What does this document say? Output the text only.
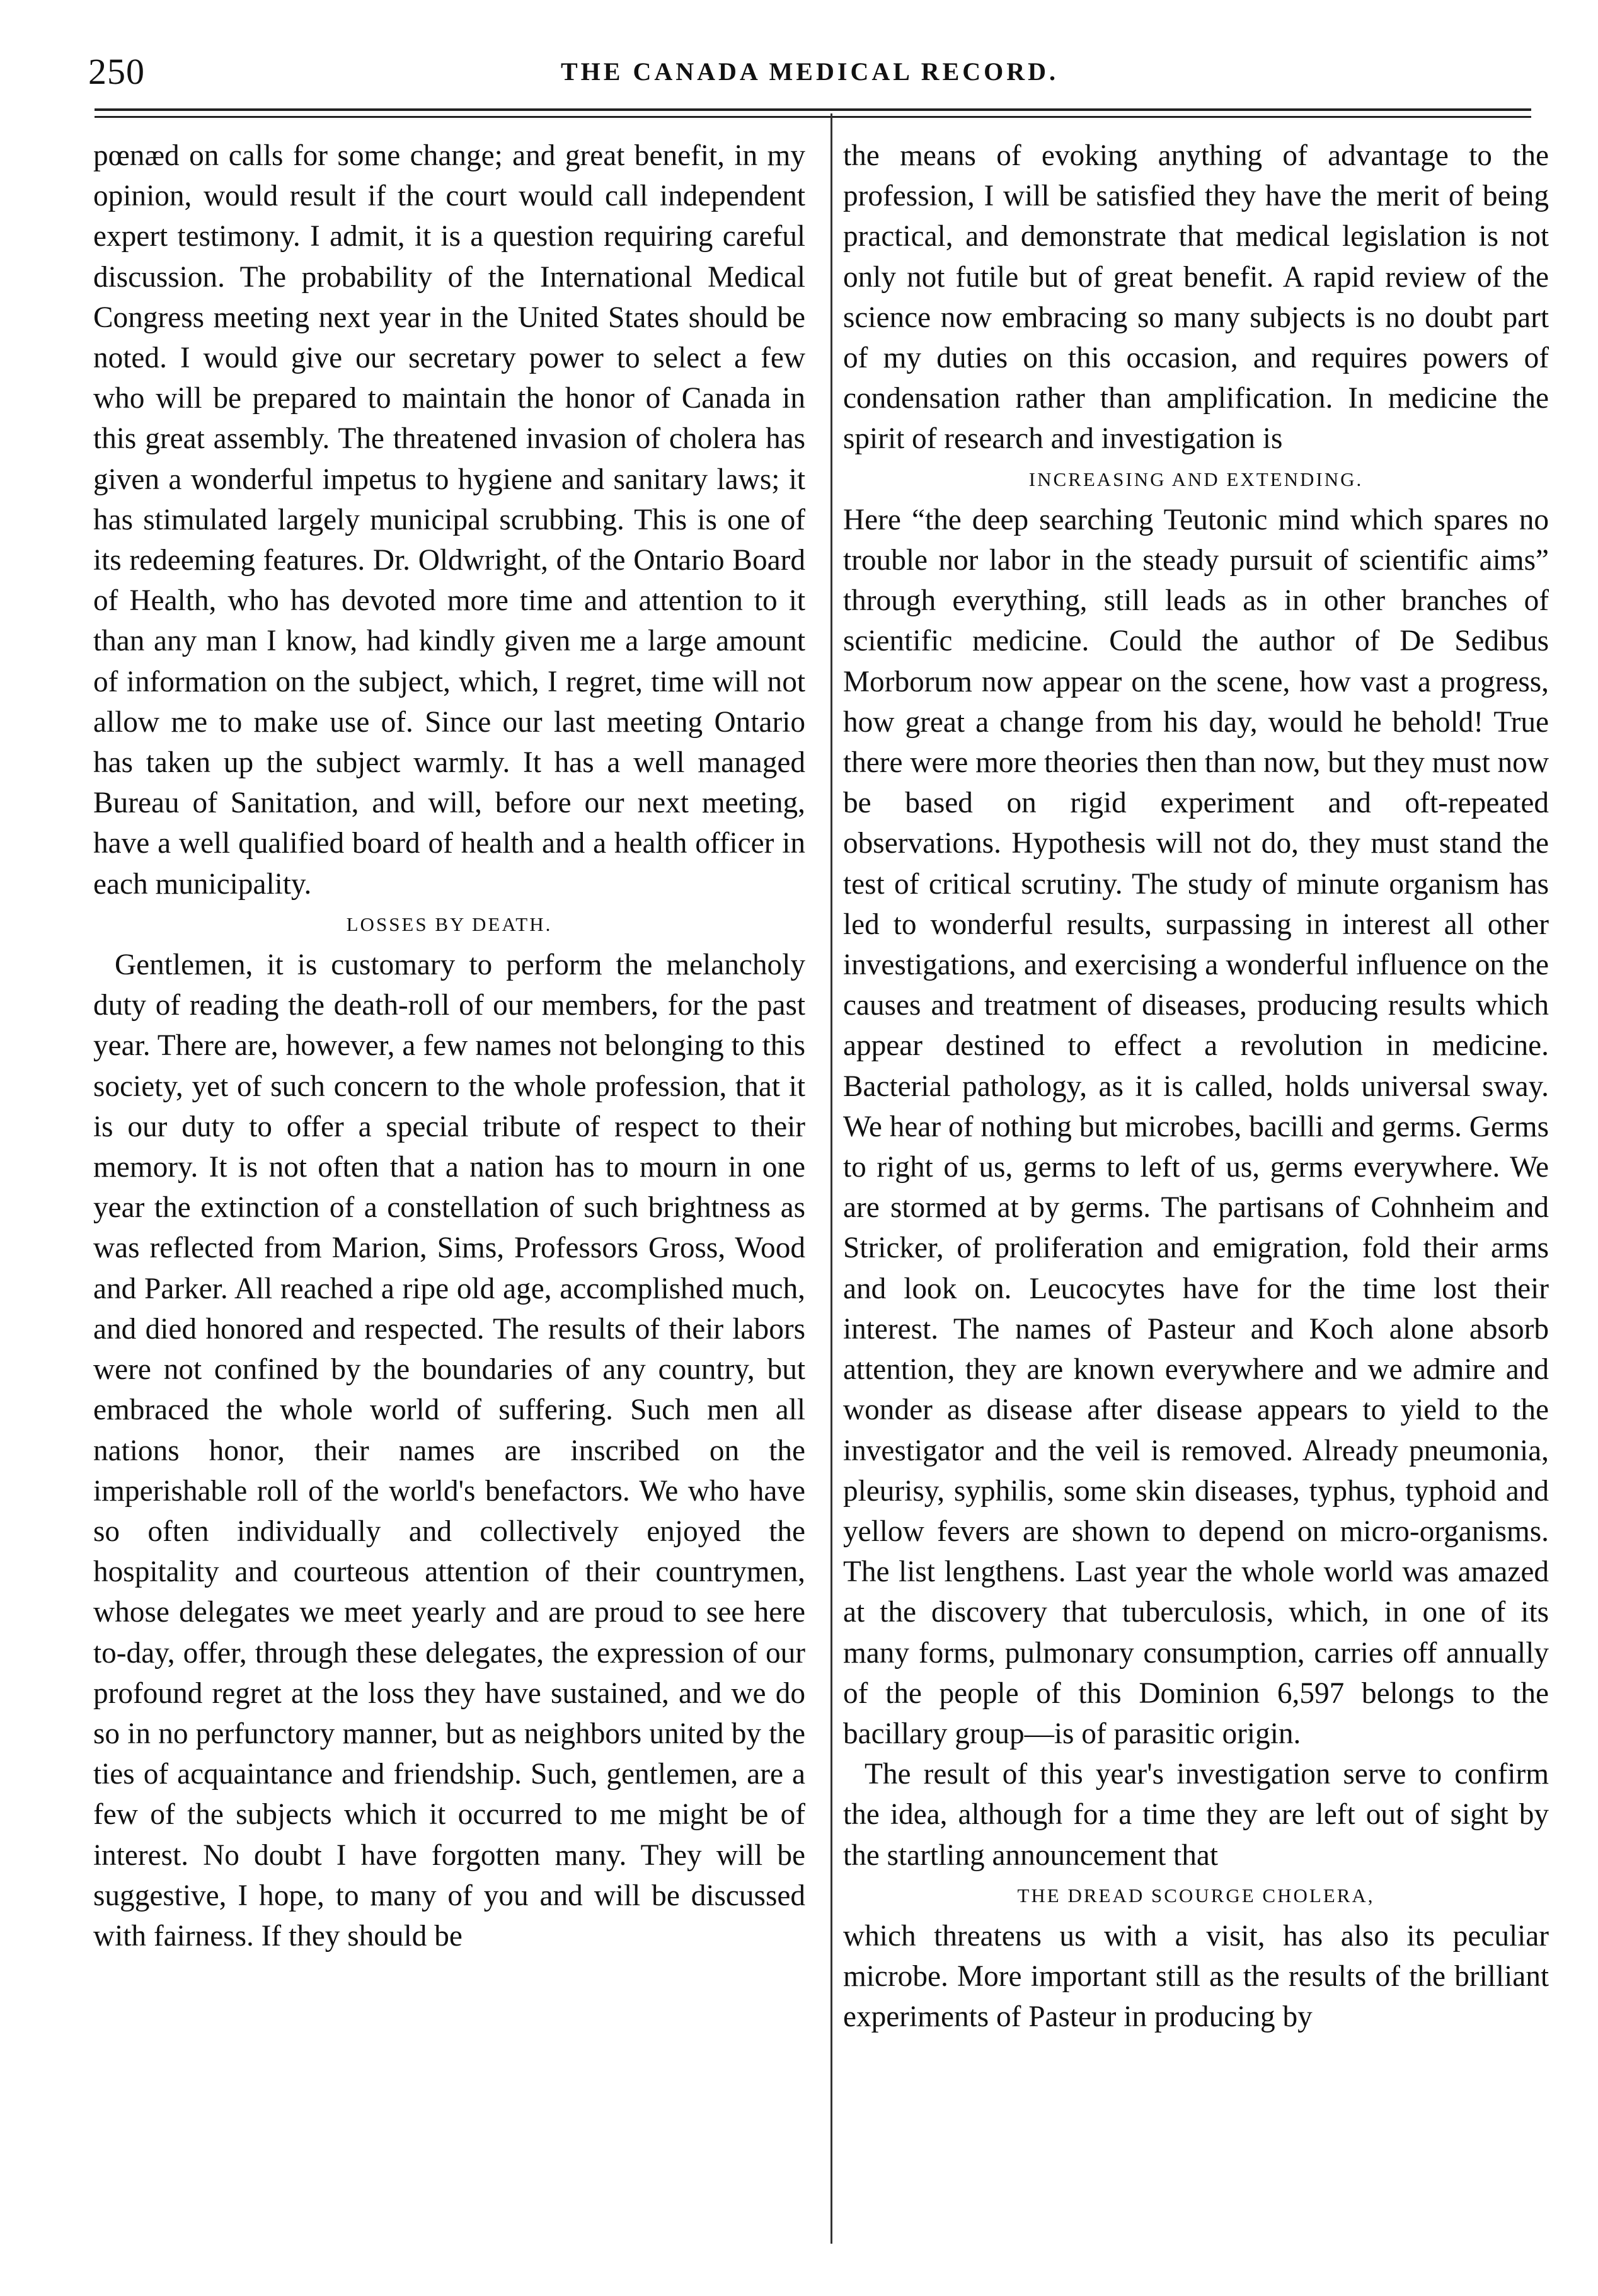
250	THE CANADA MEDICAL RECORD.

pœnæd on calls for some change; and great benefit, in my opinion, would result if the court would call independent expert testimony. I admit, it is a question requiring careful discussion. The probability of the International Medical Congress meeting next year in the United States should be noted. I would give our secretary power to select a few who will be prepared to maintain the honor of Canada in this great assembly. The threatened invasion of cholera has given a wonderful impetus to hygiene and sanitary laws; it has stimulated largely municipal scrubbing. This is one of its redeeming features. Dr. Oldwright, of the Ontario Board of Health, who has devoted more time and attention to it than any man I know, had kindly given me a large amount of information on the subject, which, I regret, time will not allow me to make use of. Since our last meeting Ontario has taken up the subject warmly. It has a well managed Bureau of Sanitation, and will, before our next meeting, have a well qualified board of health and a health officer in each municipality.

LOSSES BY DEATH.

Gentlemen, it is customary to perform the melancholy duty of reading the death-roll of our members, for the past year. There are, however, a few names not belonging to this society, yet of such concern to the whole profession, that it is our duty to offer a special tribute of respect to their memory. It is not often that a nation has to mourn in one year the extinction of a constellation of such brightness as was reflected from Marion, Sims, Professors Gross, Wood and Parker. All reached a ripe old age, accomplished much, and died honored and respected. The results of their labors were not confined by the boundaries of any country, but embraced the whole world of suffering. Such men all nations honor, their names are inscribed on the imperishable roll of the world's benefactors. We who have so often individually and collectively enjoyed the hospitality and courteous attention of their countrymen, whose delegates we meet yearly and are proud to see here to-day, offer, through these delegates, the expression of our profound regret at the loss they have sustained, and we do so in no perfunctory manner, but as neighbors united by the ties of acquaintance and friendship. Such, gentlemen, are a few of the subjects which it occurred to me might be of interest. No doubt I have forgotten many. They will be suggestive, I hope, to many of you and will be discussed with fairness. If they should be

the means of evoking anything of advantage to the profession, I will be satisfied they have the merit of being practical, and demonstrate that medical legislation is not only not futile but of great benefit. A rapid review of the science now embracing so many subjects is no doubt part of my duties on this occasion, and requires powers of condensation rather than amplification. In medicine the spirit of research and investigation is

INCREASING AND EXTENDING.

Here “the deep searching Teutonic mind which spares no trouble nor labor in the steady pursuit of scientific aims” through everything, still leads as in other branches of scientific medicine. Could the author of De Sedibus Morborum now appear on the scene, how vast a progress, how great a change from his day, would he behold! True there were more theories then than now, but they must now be based on rigid experiment and oft-repeated observations. Hypothesis will not do, they must stand the test of critical scrutiny. The study of minute organism has led to wonderful results, surpassing in interest all other investigations, and exercising a wonderful influence on the causes and treatment of diseases, producing results which appear destined to effect a revolution in medicine. Bacterial pathology, as it is called, holds universal sway. We hear of nothing but microbes, bacilli and germs. Germs to right of us, germs to left of us, germs everywhere. We are stormed at by germs. The partisans of Cohnheim and Stricker, of proliferation and emigration, fold their arms and look on. Leucocytes have for the time lost their interest. The names of Pasteur and Koch alone absorb attention, they are known everywhere and we admire and wonder as disease after disease appears to yield to the investigator and the veil is removed. Already pneumonia, pleurisy, syphilis, some skin diseases, typhus, typhoid and yellow fevers are shown to depend on micro-organisms. The list lengthens. Last year the whole world was amazed at the discovery that tuberculosis, which, in one of its many forms, pulmonary consumption, carries off annually of the people of this Dominion 6,597 belongs to the bacillary group—is of parasitic origin.

The result of this year's investigation serve to confirm the idea, although for a time they are left out of sight by the startling announcement that

THE DREAD SCOURGE CHOLERA,

which threatens us with a visit, has also its peculiar microbe. More important still as the results of the brilliant experiments of Pasteur in producing by
